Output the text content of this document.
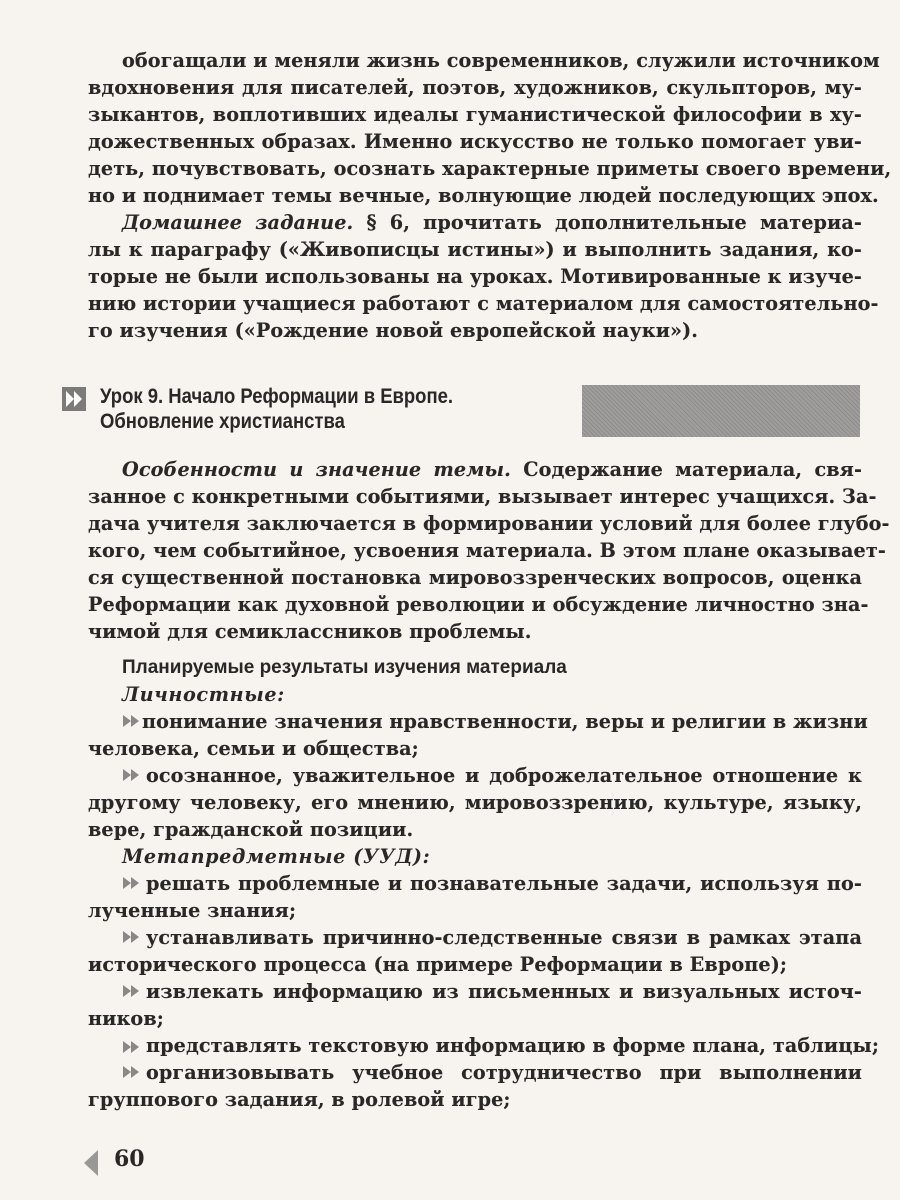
обогащали и меняли жизнь современников, служили источником
вдохновения для писателей, поэтов, художников, скульпторов, му-
зыкантов, воплотивших идеалы гуманистической философии в ху-
дожественных образах. Именно искусство не только помогает уви-
деть, почувствовать, осознать характерные приметы своего времени,
но и поднимает темы вечные, волнующие людей последующих эпох.
Домашнее задание. § 6, прочитать дополнительные материа-
лы к параграфу («Живописцы истины») и выполнить задания, ко-
торые не были использованы на уроках. Мотивированные к изуче-
нию истории учащиеся работают с материалом для самостоятельно-
го изучения («Рождение новой европейской науки»).
Урок 9. Начало Реформации в Европе.
Обновление христианства
Особенности и значение темы. Содержание материала, свя-
занное с конкретными событиями, вызывает интерес учащихся. За-
дача учителя заключается в формировании условий для более глубо-
кого, чем событийное, усвоения материала. В этом плане оказывает-
ся существенной постановка мировоззренческих вопросов, оценка
Реформации как духовной революции и обсуждение личностно зна-
чимой для семиклассников проблемы.
Планируемые результаты изучения материала
Личностные:
понимание значения нравственности, веры и религии в жизни
человека, семьи и общества;
осознанное, уважительное и доброжелательное отношение к
другому человеку, его мнению, мировоззрению, культуре, языку,
вере, гражданской позиции.
Метапредметные (УУД):
решать проблемные и познавательные задачи, используя по-
лученные знания;
устанавливать причинно-следственные связи в рамках этапа
исторического процесса (на примере Реформации в Европе);
извлекать информацию из письменных и визуальных источ-
ников;
представлять текстовую информацию в форме плана, таблицы;
организовывать учебное сотрудничество при выполнении
группового задания, в ролевой игре;
60
